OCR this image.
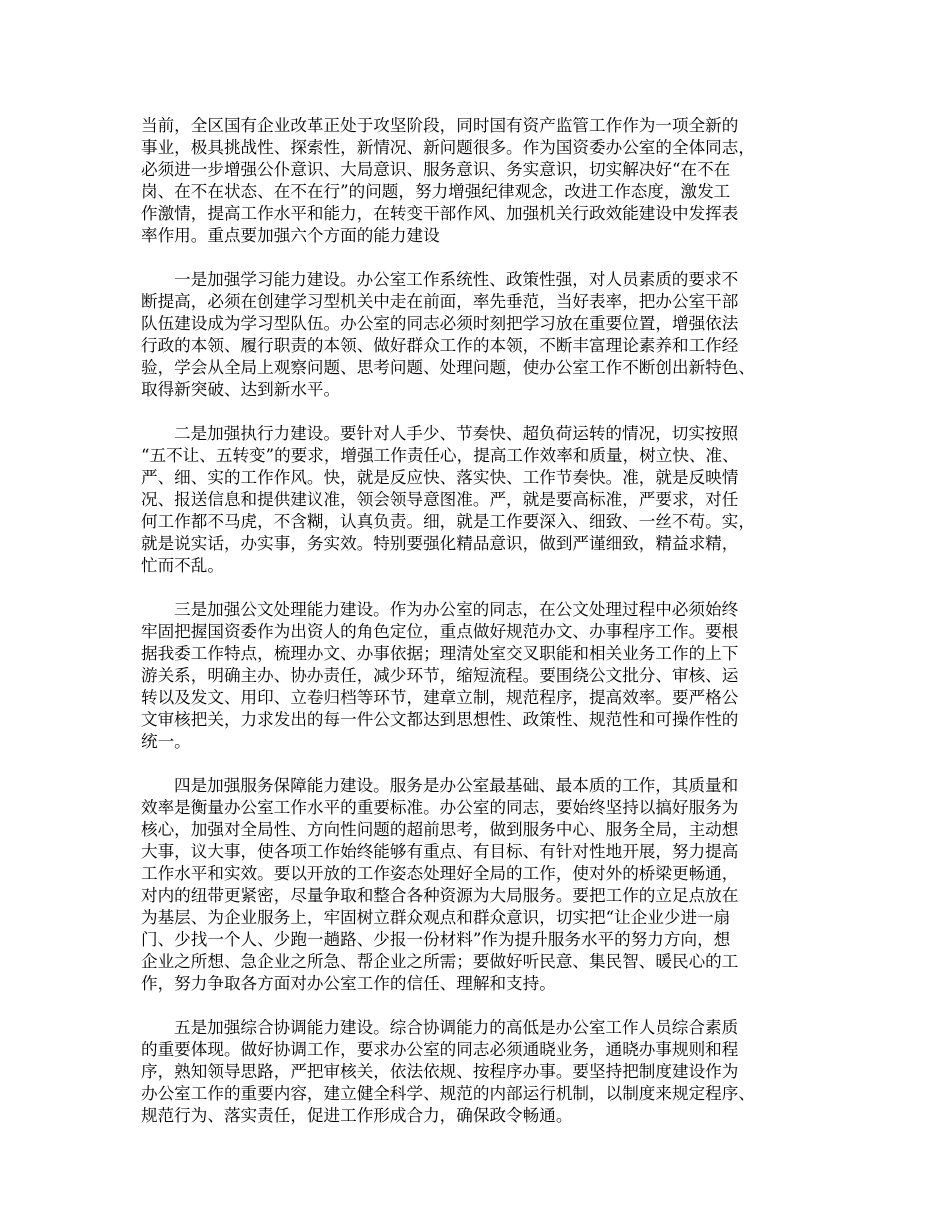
当前，全区国有企业改革正处于攻坚阶段，同时国有资产监管工作作为一项全新的
事业，极具挑战性、探索性，新情况、新问题很多。作为国资委办公室的全体同志，
必须进一步增强公仆意识、大局意识、服务意识、务实意识，切实解决好“在不在
岗、在不在状态、在不在行”的问题，努力增强纪律观念，改进工作态度，激发工
作激情，提高工作水平和能力，在转变干部作风、加强机关行政效能建设中发挥表
率作用。重点要加强六个方面的能力建设

一是加强学习能力建设。办公室工作系统性、政策性强，对人员素质的要求不
断提高，必须在创建学习型机关中走在前面，率先垂范，当好表率，把办公室干部
队伍建设成为学习型队伍。办公室的同志必须时刻把学习放在重要位置，增强依法
行政的本领、履行职责的本领、做好群众工作的本领，不断丰富理论素养和工作经
验，学会从全局上观察问题、思考问题、处理问题，使办公室工作不断创出新特色、
取得新突破、达到新水平。

二是加强执行力建设。要针对人手少、节奏快、超负荷运转的情况，切实按照
“五不让、五转变”的要求，增强工作责任心，提高工作效率和质量，树立快、准、
严、细、实的工作作风。快，就是反应快、落实快、工作节奏快。准，就是反映情
况、报送信息和提供建议准，领会领导意图准。严，就是要高标准，严要求，对任
何工作都不马虎，不含糊，认真负责。细，就是工作要深入、细致、一丝不苟。实，
就是说实话，办实事，务实效。特别要强化精品意识，做到严谨细致，精益求精，
忙而不乱。

三是加强公文处理能力建设。作为办公室的同志，在公文处理过程中必须始终
牢固把握国资委作为出资人的角色定位，重点做好规范办文、办事程序工作。要根
据我委工作特点，梳理办文、办事依据；理清处室交叉职能和相关业务工作的上下
游关系，明确主办、协办责任，减少环节，缩短流程。要围绕公文批分、审核、运
转以及发文、用印、立卷归档等环节，建章立制，规范程序，提高效率。要严格公
文审核把关，力求发出的每一件公文都达到思想性、政策性、规范性和可操作性的
统一。

四是加强服务保障能力建设。服务是办公室最基础、最本质的工作，其质量和
效率是衡量办公室工作水平的重要标准。办公室的同志，要始终坚持以搞好服务为
核心，加强对全局性、方向性问题的超前思考，做到服务中心、服务全局，主动想
大事，议大事，使各项工作始终能够有重点、有目标、有针对性地开展，努力提高
工作水平和实效。要以开放的工作姿态处理好全局的工作，使对外的桥梁更畅通，
对内的纽带更紧密，尽量争取和整合各种资源为大局服务。要把工作的立足点放在
为基层、为企业服务上，牢固树立群众观点和群众意识，切实把“让企业少进一扇
门、少找一个人、少跑一趟路、少报一份材料”作为提升服务水平的努力方向，想
企业之所想、急企业之所急、帮企业之所需；要做好听民意、集民智、暖民心的工
作，努力争取各方面对办公室工作的信任、理解和支持。

五是加强综合协调能力建设。综合协调能力的高低是办公室工作人员综合素质
的重要体现。做好协调工作，要求办公室的同志必须通晓业务，通晓办事规则和程
序，熟知领导思路，严把审核关，依法依规、按程序办事。要坚持把制度建设作为
办公室工作的重要内容，建立健全科学、规范的内部运行机制，以制度来规定程序、
规范行为、落实责任，促进工作形成合力，确保政令畅通。
